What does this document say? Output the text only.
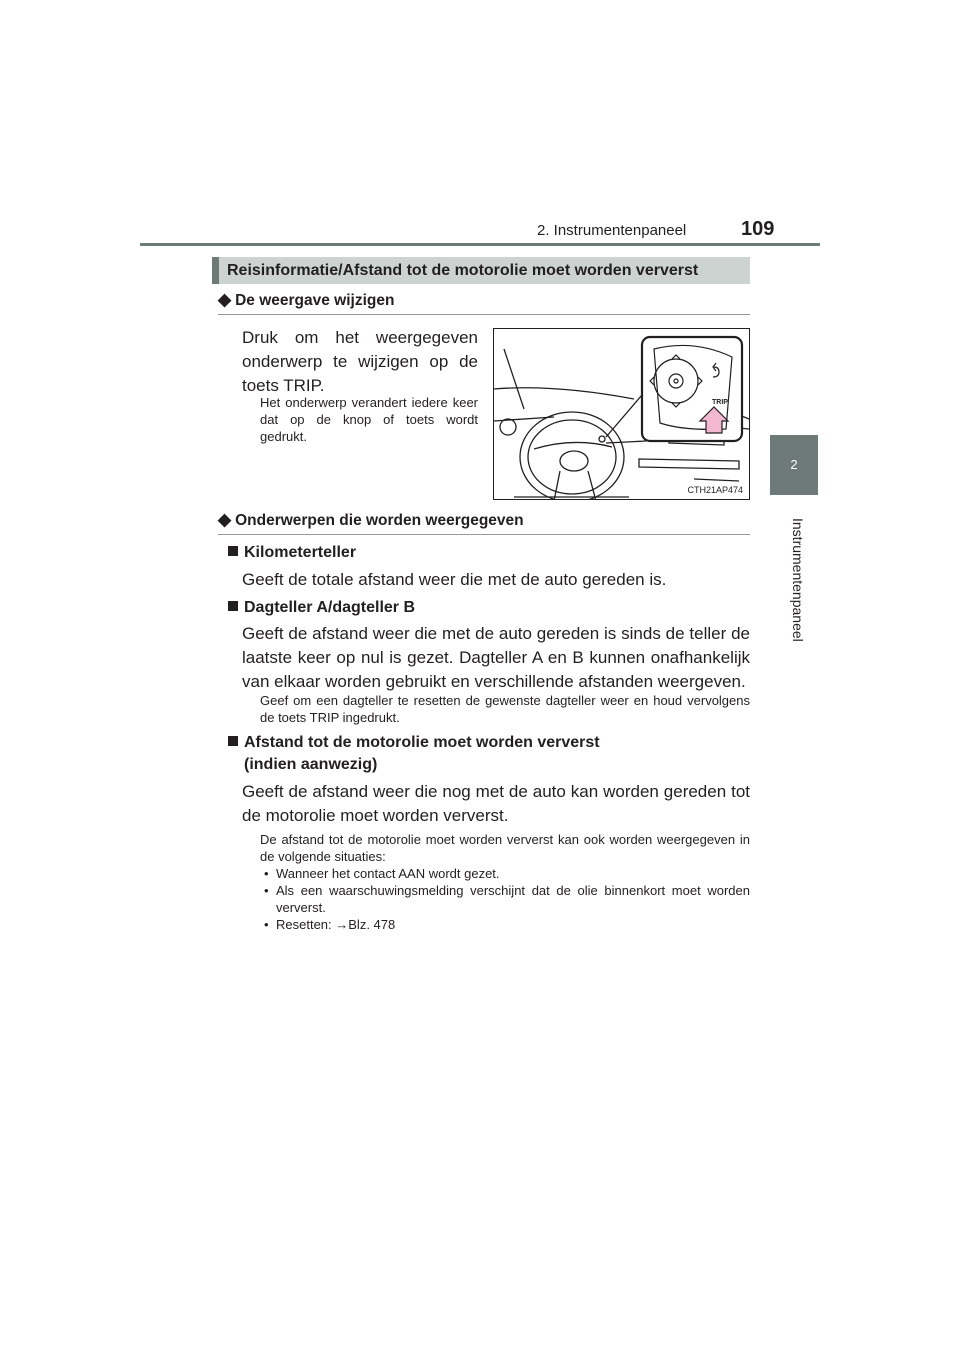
2. Instrumentenpaneel	109
2
Instrumentenpaneel
Reisinformatie/Afstand tot de motorolie moet worden ververst
◆ De weergave wijzigen
Druk om het weergegeven onderwerp te wijzigen op de toets TRIP.
Het onderwerp verandert iedere keer dat op de knop of toets wordt gedrukt.
TRIP
CTH21AP474
◆ Onderwerpen die worden weergegeven
Kilometerteller
Geeft de totale afstand weer die met de auto gereden is.
Dagteller A/dagteller B
Geeft de afstand weer die met de auto gereden is sinds de teller de laatste keer op nul is gezet. Dagteller A en B kunnen onafhankelijk van elkaar worden gebruikt en verschillende afstanden weergeven.
Geef om een dagteller te resetten de gewenste dagteller weer en houd vervolgens de toets TRIP ingedrukt.
Afstand tot de motorolie moet worden ververst
(indien aanwezig)
Geeft de afstand weer die nog met de auto kan worden gereden tot de motorolie moet worden ververst.
De afstand tot de motorolie moet worden ververst kan ook worden weergegeven in de volgende situaties:
• Wanneer het contact AAN wordt gezet.
• Als een waarschuwingsmelding verschijnt dat de olie binnenkort moet worden ververst.
• Resetten: →Blz. 478
